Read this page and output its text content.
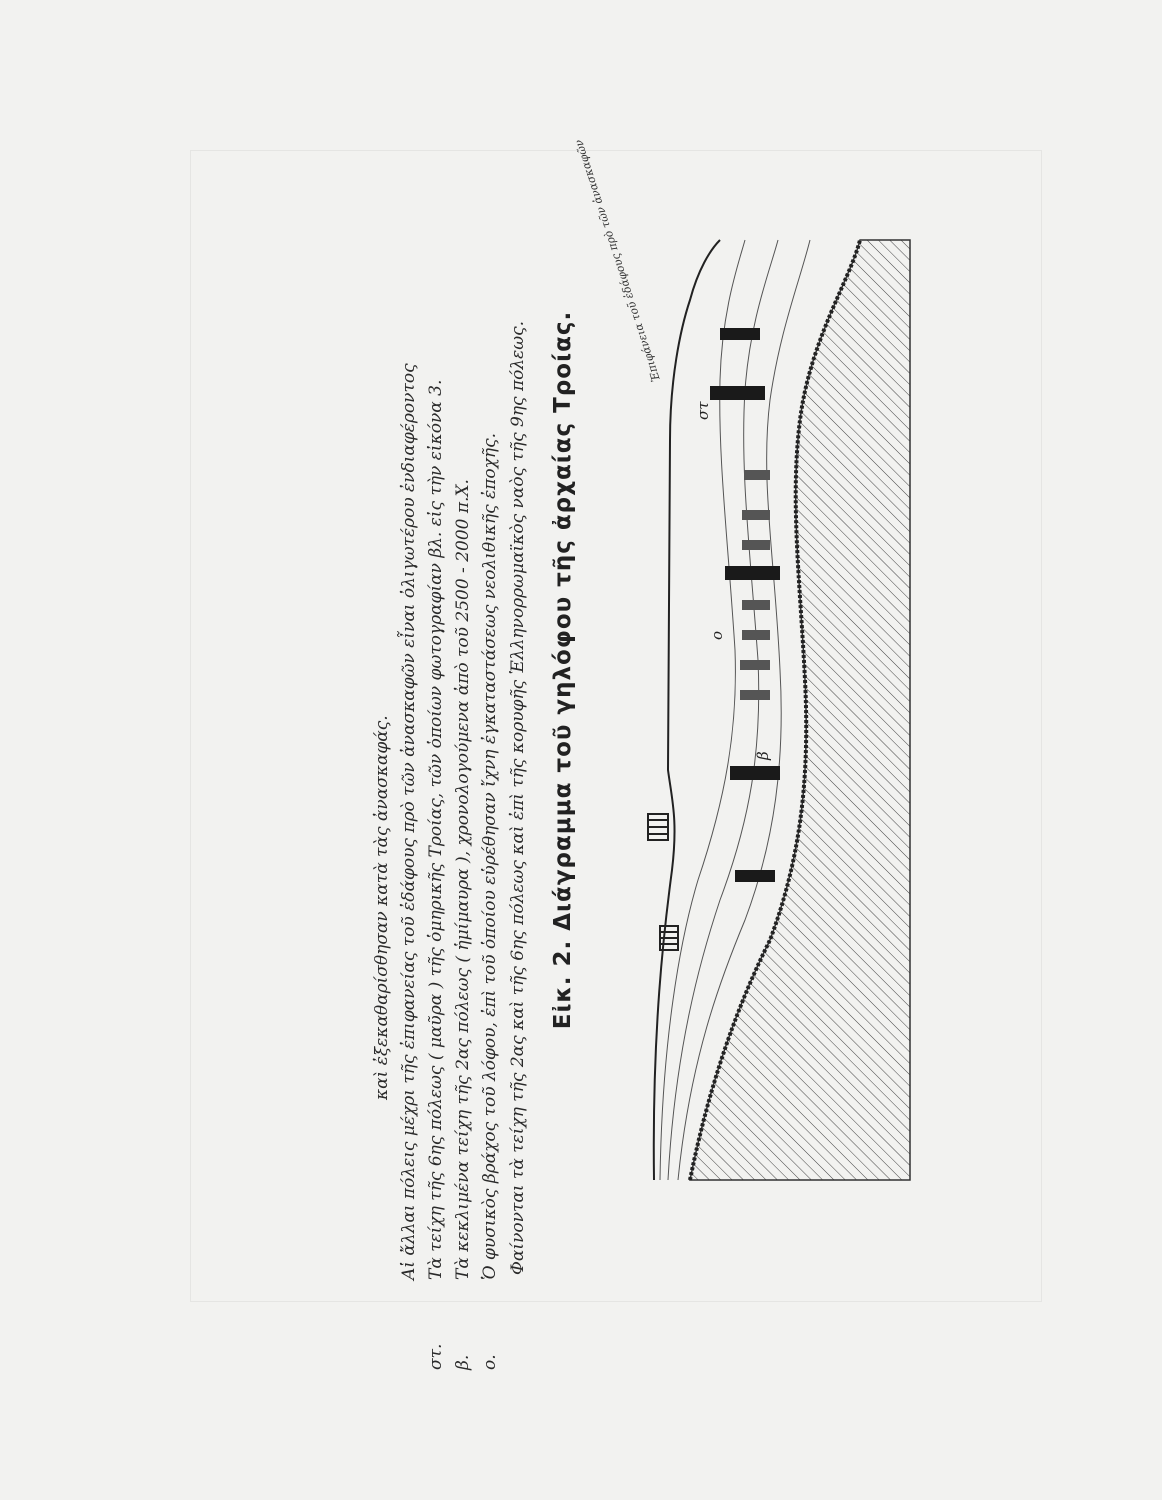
Ἐπιφάνεια τοῦ ἐδάφους πρὸ τῶν ἀνασκαφῶν
ο
β
στ
Εἰκ. 2. Διάγραμμα τοῦ γηλόφου τῆς ἀρχαίας Τροίας.
Φαίνονται τὰ τείχη τῆς 2ας καὶ τῆς 6ης πόλεως καὶ ἐπὶ τῆς κορυφῆς Ἑλληνορρωμαϊκὸς ναὸς τῆς 9ης πόλεως.
ο.Ὁ φυσικὸς βράχος τοῦ λόφου, ἐπὶ τοῦ ὁποίου εὑρέθησαν ἴχνη ἐγκαταστάσεως νεολιθικῆς ἐποχῆς.
β.Τὰ κεκλιμένα τείχη τῆς 2ας πόλεως ( ἡμίμαυρα ), χρονολογούμενα ἀπὸ τοῦ 2500 - 2000 π.Χ.
στ.Τὰ τείχη τῆς 6ης πόλεως ( μαῦρα ) τῆς ὁμηρικῆς Τροίας, τῶν ὁποίων φωτογραφίαν βλ. εἰς τὴν εἰκόνα 3.
Αἱ ἄλλαι πόλεις μέχρι τῆς ἐπιφανείας τοῦ ἐδάφους πρὸ τῶν ἀνασκαφῶν εἶναι ὀλιγωτέρου ἐνδιαφέροντος
καὶ ἐξεκαθαρίσθησαν κατὰ τὰς ἀνασκαφάς.
